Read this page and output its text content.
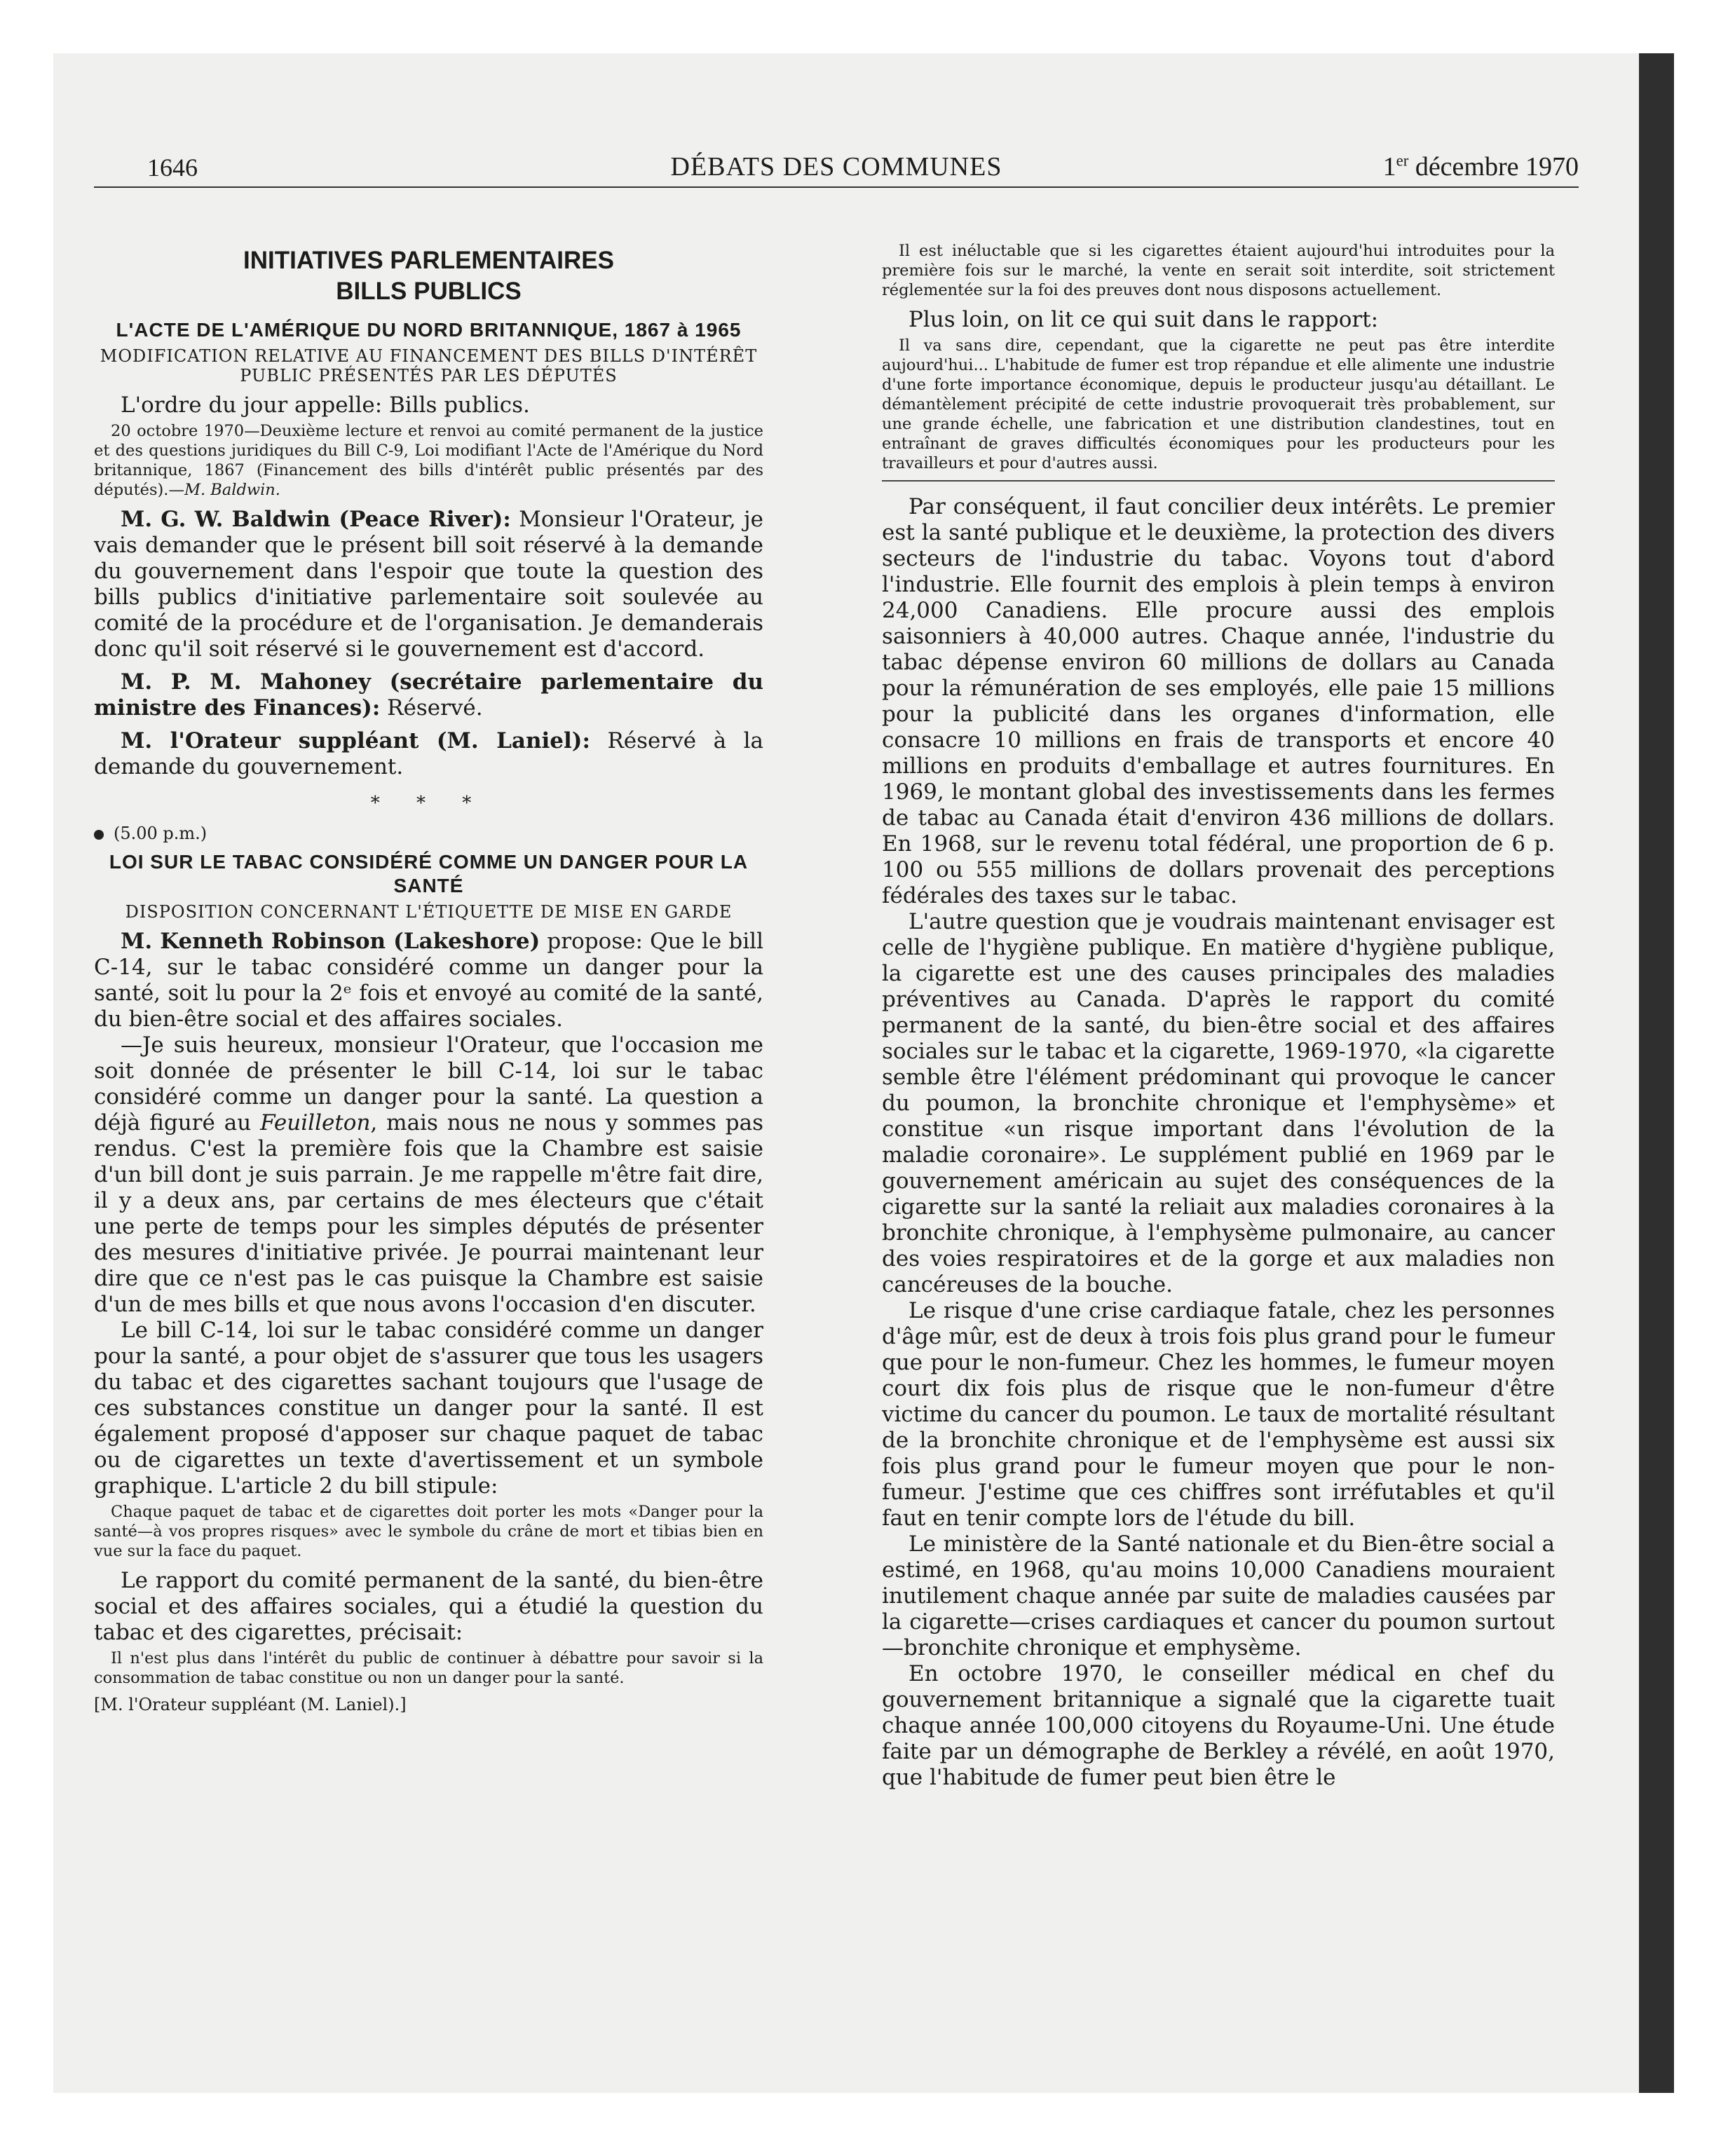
1646	DÉBATS DES COMMUNES	1er décembre 1970
INITIATIVES PARLEMENTAIRES
BILLS PUBLICS
L'ACTE DE L'AMÉRIQUE DU NORD BRITANNIQUE, 1867 à 1965
MODIFICATION RELATIVE AU FINANCEMENT DES BILLS D'INTÉRÊT PUBLIC PRÉSENTÉS PAR LES DÉPUTÉS

L'ordre du jour appelle: Bills publics.

20 octobre 1970—Deuxième lecture et renvoi au comité permanent de la justice et des questions juridiques du Bill C-9, Loi modifiant l'Acte de l'Amérique du Nord britannique, 1867 (Financement des bills d'intérêt public présentés par des députés).—M. Baldwin.

M. G. W. Baldwin (Peace River): Monsieur l'Orateur, je vais demander que le présent bill soit réservé à la demande du gouvernement dans l'espoir que toute la question des bills publics d'initiative parlementaire soit soulevée au comité de la procédure et de l'organisation. Je demanderais donc qu'il soit réservé si le gouvernement est d'accord.

M. P. M. Mahoney (secrétaire parlementaire du ministre des Finances): Réservé.

M. l'Orateur suppléant (M. Laniel): Réservé à la demande du gouvernement.

* * *
(5.00 p.m.)
LOI SUR LE TABAC CONSIDÉRÉ COMME UN DANGER POUR LA SANTÉ
DISPOSITION CONCERNANT L'ÉTIQUETTE DE MISE EN GARDE

M. Kenneth Robinson (Lakeshore) propose: Que le bill C-14, sur le tabac considéré comme un danger pour la santé, soit lu pour la 2ᵉ fois et envoyé au comité de la santé, du bien-être social et des affaires sociales.

—Je suis heureux, monsieur l'Orateur, que l'occasion me soit donnée de présenter le bill C-14, loi sur le tabac considéré comme un danger pour la santé. La question a déjà figuré au Feuilleton, mais nous ne nous y sommes pas rendus. C'est la première fois que la Chambre est saisie d'un bill dont je suis parrain. Je me rappelle m'être fait dire, il y a deux ans, par certains de mes électeurs que c'était une perte de temps pour les simples députés de présenter des mesures d'initiative privée. Je pourrai maintenant leur dire que ce n'est pas le cas puisque la Chambre est saisie d'un de mes bills et que nous avons l'occasion d'en discuter.

Le bill C-14, loi sur le tabac considéré comme un danger pour la santé, a pour objet de s'assurer que tous les usagers du tabac et des cigarettes sachant toujours que l'usage de ces substances constitue un danger pour la santé. Il est également proposé d'apposer sur chaque paquet de tabac ou de cigarettes un texte d'avertissement et un symbole graphique. L'article 2 du bill stipule:

Chaque paquet de tabac et de cigarettes doit porter les mots «Danger pour la santé—à vos propres risques» avec le symbole du crâne de mort et tibias bien en vue sur la face du paquet.

Le rapport du comité permanent de la santé, du bien-être social et des affaires sociales, qui a étudié la question du tabac et des cigarettes, précisait:

Il n'est plus dans l'intérêt du public de continuer à débattre pour savoir si la consommation de tabac constitue ou non un danger pour la santé.

[M. l'Orateur suppléant (M. Laniel).]

Il est inéluctable que si les cigarettes étaient aujourd'hui introduites pour la première fois sur le marché, la vente en serait soit interdite, soit strictement réglementée sur la foi des preuves dont nous disposons actuellement.

Plus loin, on lit ce qui suit dans le rapport:

Il va sans dire, cependant, que la cigarette ne peut pas être interdite aujourd'hui... L'habitude de fumer est trop répandue et elle alimente une industrie d'une forte importance économique, depuis le producteur jusqu'au détaillant. Le démantèlement précipité de cette industrie provoquerait très probablement, sur une grande échelle, une fabrication et une distribution clandestines, tout en entraînant de graves difficultés économiques pour les producteurs pour les travailleurs et pour d'autres aussi.

Par conséquent, il faut concilier deux intérêts. Le premier est la santé publique et le deuxième, la protection des divers secteurs de l'industrie du tabac. Voyons tout d'abord l'industrie. Elle fournit des emplois à plein temps à environ 24,000 Canadiens. Elle procure aussi des emplois saisonniers à 40,000 autres. Chaque année, l'industrie du tabac dépense environ 60 millions de dollars au Canada pour la rémunération de ses employés, elle paie 15 millions pour la publicité dans les organes d'information, elle consacre 10 millions en frais de transports et encore 40 millions en produits d'emballage et autres fournitures. En 1969, le montant global des investissements dans les fermes de tabac au Canada était d'environ 436 millions de dollars. En 1968, sur le revenu total fédéral, une proportion de 6 p. 100 ou 555 millions de dollars provenait des perceptions fédérales des taxes sur le tabac.

L'autre question que je voudrais maintenant envisager est celle de l'hygiène publique. En matière d'hygiène publique, la cigarette est une des causes principales des maladies préventives au Canada. D'après le rapport du comité permanent de la santé, du bien-être social et des affaires sociales sur le tabac et la cigarette, 1969-1970, «la cigarette semble être l'élément prédominant qui provoque le cancer du poumon, la bronchite chronique et l'emphysème» et constitue «un risque important dans l'évolution de la maladie coronaire». Le supplément publié en 1969 par le gouvernement américain au sujet des conséquences de la cigarette sur la santé la reliait aux maladies coronaires à la bronchite chronique, à l'emphysème pulmonaire, au cancer des voies respiratoires et de la gorge et aux maladies non cancéreuses de la bouche.

Le risque d'une crise cardiaque fatale, chez les personnes d'âge mûr, est de deux à trois fois plus grand pour le fumeur que pour le non-fumeur. Chez les hommes, le fumeur moyen court dix fois plus de risque que le non-fumeur d'être victime du cancer du poumon. Le taux de mortalité résultant de la bronchite chronique et de l'emphysème est aussi six fois plus grand pour le fumeur moyen que pour le non-fumeur. J'estime que ces chiffres sont irréfutables et qu'il faut en tenir compte lors de l'étude du bill.

Le ministère de la Santé nationale et du Bien-être social a estimé, en 1968, qu'au moins 10,000 Canadiens mouraient inutilement chaque année par suite de maladies causées par la cigarette—crises cardiaques et cancer du poumon surtout—bronchite chronique et emphysème.

En octobre 1970, le conseiller médical en chef du gouvernement britannique a signalé que la cigarette tuait chaque année 100,000 citoyens du Royaume-Uni. Une étude faite par un démographe de Berkley a révélé, en août 1970, que l'habitude de fumer peut bien être le
